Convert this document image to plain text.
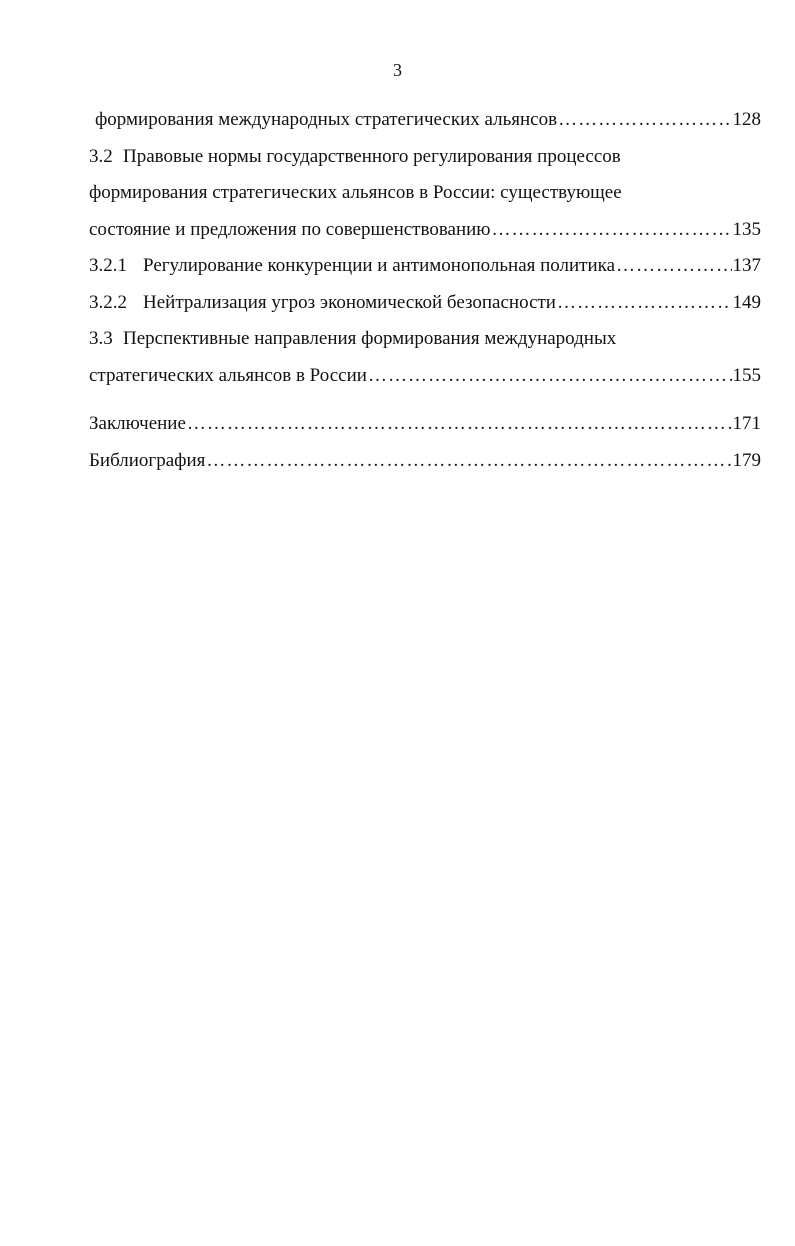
3
формирования международных стратегических альянсов ………………………………………………………………………………………………………………………………………………	128
3.2 Правовые нормы государственного регулирования процессов
формирования стратегических альянсов в России: существующее
состояние и предложения по совершенствованию ………………………………………………………………………………………………………………………………………………	135
3.2.1 Регулирование конкуренции и антимонопольная политика ………………………………………………………………………………………………………………………………………………	137
3.2.2 Нейтрализация угроз экономической безопасности ………………………………………………………………………………………………………………………………………………	149
3.3 Перспективные направления формирования международных
стратегических альянсов в России ………………………………………………………………………………………………………………………………………………	155
Заключение ………………………………………………………………………………………………………………………………………………	171
Библиография ………………………………………………………………………………………………………………………………………………	179
